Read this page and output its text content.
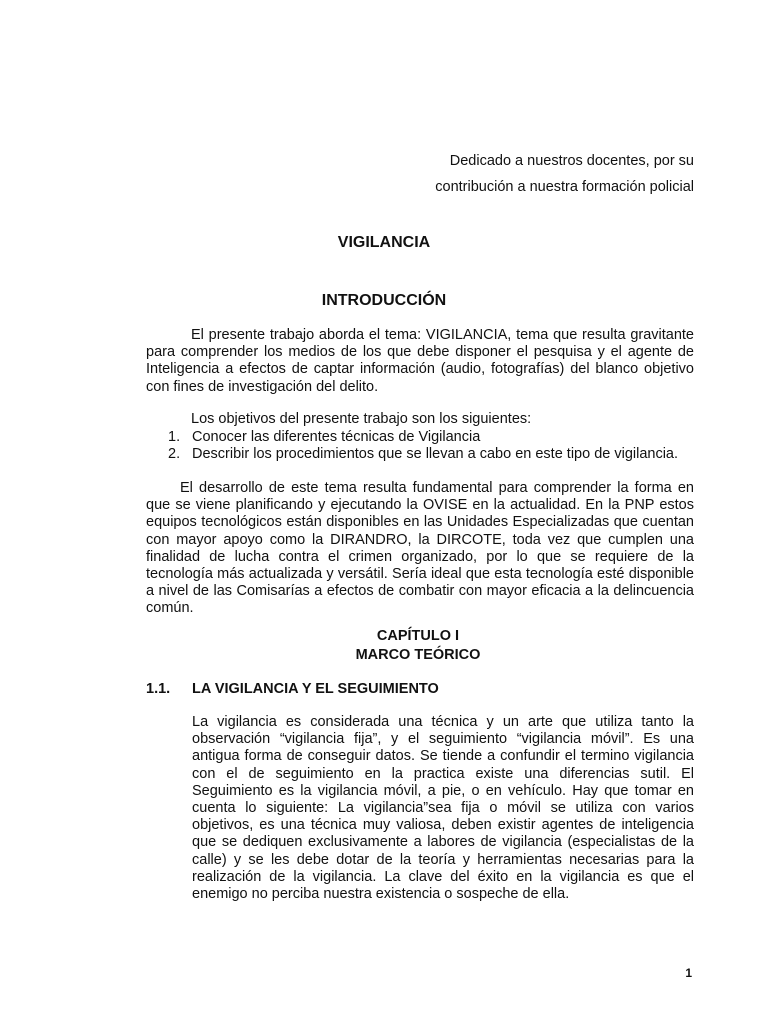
Dedicado a nuestros docentes, por su
contribución a nuestra formación policial
VIGILANCIA
INTRODUCCIÓN
El presente trabajo aborda el tema: VIGILANCIA, tema que resulta gravitante para comprender los medios de los que debe disponer el pesquisa y el agente de Inteligencia a efectos de captar información (audio, fotografías) del blanco objetivo con fines de investigación del delito.
Los objetivos del presente trabajo son los siguientes:
1. Conocer las diferentes técnicas de Vigilancia
2. Describir los procedimientos que se llevan a cabo en este tipo de vigilancia.
El desarrollo de este tema resulta fundamental para comprender la forma en que se viene planificando y ejecutando la OVISE en la actualidad. En la PNP estos equipos tecnológicos están disponibles en las Unidades Especializadas que cuentan con mayor apoyo como la DIRANDRO, la DIRCOTE, toda vez que cumplen una finalidad de lucha contra el crimen organizado, por lo que se requiere de la tecnología más actualizada y versátil. Sería ideal que esta tecnología esté disponible a nivel de las Comisarías a efectos de combatir con mayor eficacia a la delincuencia común.
CAPÍTULO I
MARCO TEÓRICO
1.1.	LA VIGILANCIA Y EL SEGUIMIENTO
La vigilancia es considerada una técnica y un arte que utiliza tanto la observación “vigilancia fija”, y el seguimiento “vigilancia móvil”. Es una antigua forma de conseguir datos. Se tiende a confundir el termino vigilancia con el de seguimiento en la practica existe una diferencias sutil. El Seguimiento es la vigilancia móvil, a pie, o en vehículo. Hay que tomar en cuenta lo siguiente: La vigilancia”sea fija o móvil se utiliza con varios objetivos, es una técnica muy valiosa, deben existir agentes de inteligencia que se dediquen exclusivamente a labores de vigilancia (especialistas de la calle) y se les debe dotar de la teoría y herramientas necesarias para la realización de la vigilancia. La clave del éxito en la vigilancia es que el enemigo no perciba nuestra existencia o sospeche de ella.
1
